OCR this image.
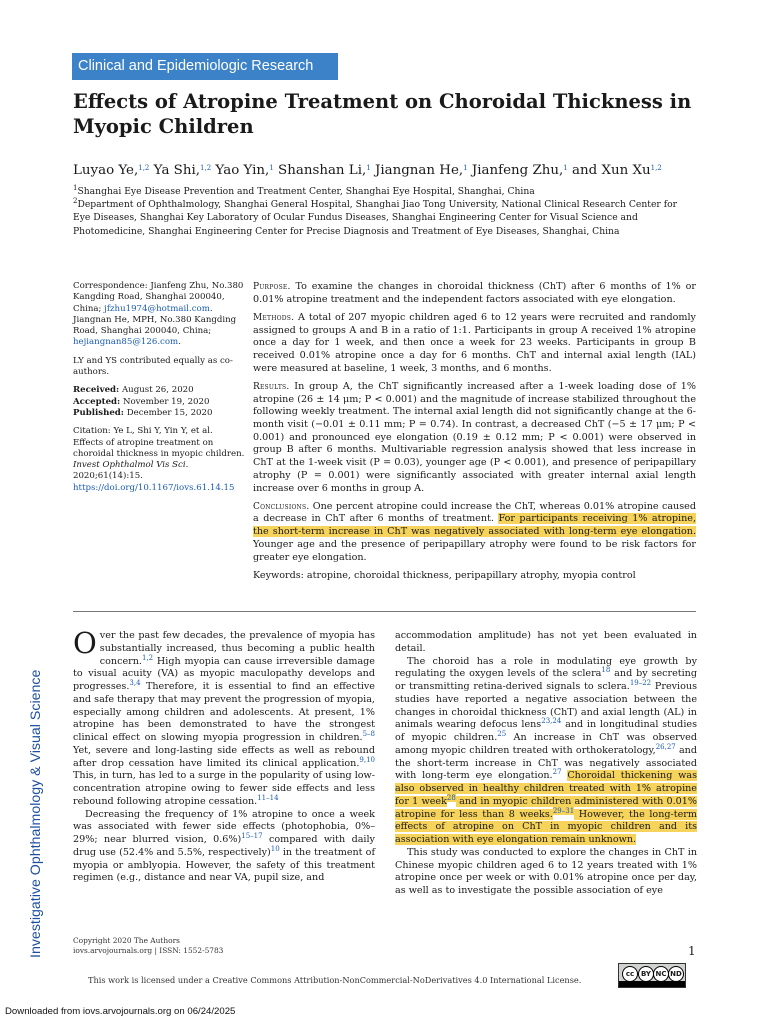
Clinical and Epidemiologic Research
Effects of Atropine Treatment on Choroidal Thickness in Myopic Children
Luyao Ye,$^{1,2}$ Ya Shi,$^{1,2}$ Yao Yin,$^1$ Shanshan Li,$^1$ Jiangnan He,$^1$ Jianfeng Zhu,$^1$ and Xun Xu$^{1,2}$
$^1$Shanghai Eye Disease Prevention and Treatment Center, Shanghai Eye Hospital, Shanghai, China
$^2$Department of Ophthalmology, Shanghai General Hospital, Shanghai Jiao Tong University, National Clinical Research Center for Eye Diseases, Shanghai Key Laboratory of Ocular Fundus Diseases, Shanghai Engineering Center for Visual Science and Photomedicine, Shanghai Engineering Center for Precise Diagnosis and Treatment of Eye Diseases, Shanghai, China
Correspondence: Jianfeng Zhu, No.380 Kangding Road, Shanghai 200040, China; jfzhu1974@hotmail.com. Jiangnan He, MPH, No.380 Kangding Road, Shanghai 200040, China; hejiangnan85@126.com.
LY and YS contributed equally as co-authors.
Received: August 26, 2020
Accepted: November 19, 2020
Published: December 15, 2020
Citation: Ye L, Shi Y, Yin Y, et al. Effects of atropine treatment on choroidal thickness in myopic children. Invest Ophthalmol Vis Sci. 2020;61(14):15.
https://doi.org/10.1167/iovs.61.14.15
Purpose. To examine the changes in choroidal thickness (ChT) after 6 months of 1% or 0.01% atropine treatment and the independent factors associated with eye elongation.
Methods. A total of 207 myopic children aged 6 to 12 years were recruited and randomly assigned to groups A and B in a ratio of 1:1. Participants in group A received 1% atropine once a day for 1 week, and then once a week for 23 weeks. Participants in group B received 0.01% atropine once a day for 6 months. ChT and internal axial length (IAL) were measured at baseline, 1 week, 3 months, and 6 months.
Results. In group A, the ChT significantly increased after a 1-week loading dose of 1% atropine (26 ± 14 μm; P < 0.001) and the magnitude of increase stabilized throughout the following weekly treatment. The internal axial length did not significantly change at the 6-month visit (−0.01 ± 0.11 mm; P = 0.74). In contrast, a decreased ChT (−5 ± 17 μm; P < 0.001) and pronounced eye elongation (0.19 ± 0.12 mm; P < 0.001) were observed in group B after 6 months. Multivariable regression analysis showed that less increase in ChT at the 1-week visit (P = 0.03), younger age (P < 0.001), and presence of peripapillary atrophy (P = 0.001) were significantly associated with greater internal axial length increase over 6 months in group A.
Conclusions. One percent atropine could increase the ChT, whereas 0.01% atropine caused a decrease in ChT after 6 months of treatment. For participants receiving 1% atropine, the short-term increase in ChT was negatively associated with long-term eye elongation. Younger age and the presence of peripapillary atrophy were found to be risk factors for greater eye elongation.
Keywords: atropine, choroidal thickness, peripapillary atrophy, myopia control
Investigative Ophthalmology & Visual Science
O ver the past few decades, the prevalence of myopia has substantially increased, thus becoming a public health concern.$^{1,2}$ High myopia can cause irreversible damage to visual acuity (VA) as myopic maculopathy develops and progresses.$^{3,4}$ Therefore, it is essential to find an effective and safe therapy that may prevent the progression of myopia, especially among children and adolescents. At present, 1% atropine has been demonstrated to have the strongest clinical effect on slowing myopia progression in children.$^{5-8}$ Yet, severe and long-lasting side effects as well as rebound after drop cessation have limited its clinical application.$^{9,10}$ This, in turn, has led to a surge in the popularity of using low-concentration atropine owing to fewer side effects and less rebound following atropine cessation.$^{11-14}$
Decreasing the frequency of 1% atropine to once a week was associated with fewer side effects (photophobia, 0%–29%; near blurred vision, 0.6%)$^{15-17}$ compared with daily drug use (52.4% and 5.5%, respectively)$^{10}$ in the treatment of myopia or amblyopia. However, the safety of this treatment regimen (e.g., distance and near VA, pupil size, and
accommodation amplitude) has not yet been evaluated in detail.
The choroid has a role in modulating eye growth by regulating the oxygen levels of the sclera$^{18}$ and by secreting or transmitting retina-derived signals to sclera.$^{19-22}$ Previous studies have reported a negative association between the changes in choroidal thickness (ChT) and axial length (AL) in animals wearing defocus lens$^{23,24}$ and in longitudinal studies of myopic children.$^{25}$ An increase in ChT was observed among myopic children treated with orthokeratology,$^{26,27}$ and the short-term increase in ChT was negatively associated with long-term eye elongation.$^{27}$ Choroidal thickening was also observed in healthy children treated with 1% atropine for 1 week$^{28}$ and in myopic children administered with 0.01% atropine for less than 8 weeks.$^{29-31}$ However, the long-term effects of atropine on ChT in myopic children and its association with eye elongation remain unknown.
This study was conducted to explore the changes in ChT in Chinese myopic children aged 6 to 12 years treated with 1% atropine once per week or with 0.01% atropine once per day, as well as to investigate the possible association of eye
Copyright 2020 The Authors
iovs.arvojournals.org | ISSN: 1552-5783	1
This work is licensed under a Creative Commons Attribution-NonCommercial-NoDerivatives 4.0 International License.
cc BY NC ND
Downloaded from iovs.arvojournals.org on 06/24/2025
